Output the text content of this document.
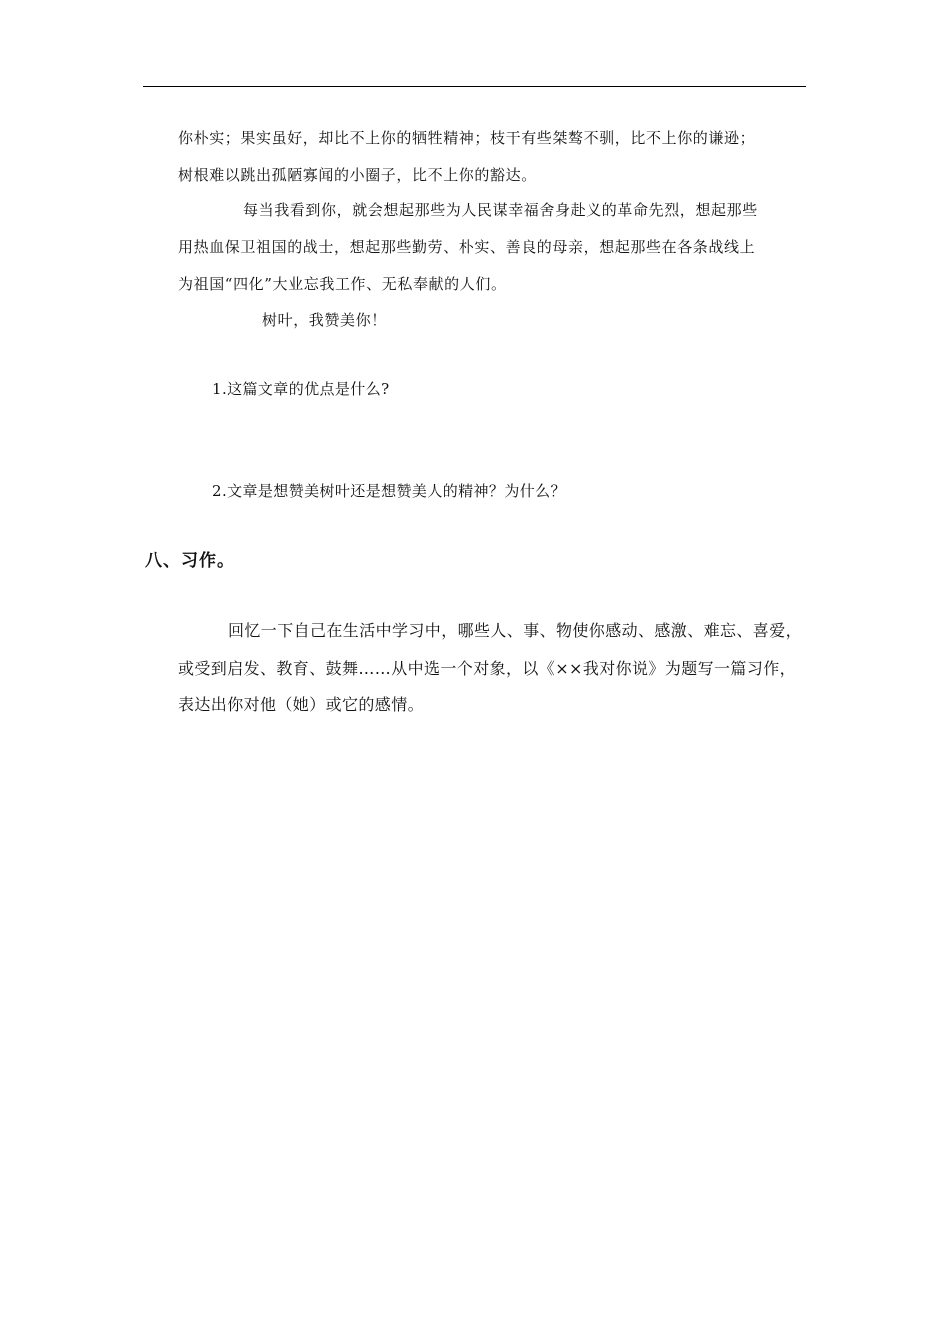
你朴实；果实虽好，却比不上你的牺牲精神；枝干有些桀骜不驯，比不上你的谦逊；
树根难以跳出孤陋寡闻的小圈子，比不上你的豁达。
每当我看到你，就会想起那些为人民谋幸福舍身赴义的革命先烈，想起那些
用热血保卫祖国的战士，想起那些勤劳、朴实、善良的母亲，想起那些在各条战线上
为祖国“四化”大业忘我工作、无私奉献的人们。
树叶，我赞美你！
1.这篇文章的优点是什么?
2.文章是想赞美树叶还是想赞美人的精神？为什么？
八、习作。
回忆一下自己在生活中学习中，哪些人、事、物使你感动、感激、难忘、喜爱，
或受到启发、教育、鼓舞……从中选一个对象，以《××我对你说》为题写一篇习作，
表达出你对他（她）或它的感情。
